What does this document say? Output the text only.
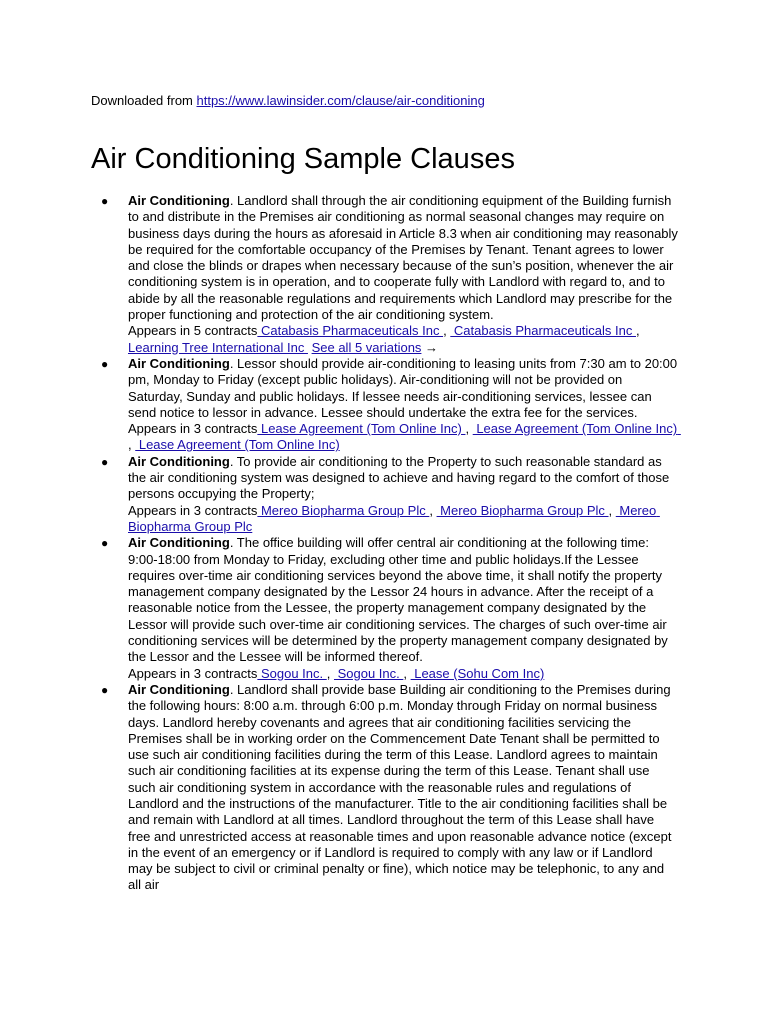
Downloaded from https://www.lawinsider.com/clause/air-conditioning
Air Conditioning Sample Clauses
● Air Conditioning. Landlord shall through the air conditioning equipment of the Building furnish to and distribute in the Premises air conditioning as normal seasonal changes may require on business days during the hours as aforesaid in Article 8.3 when air conditioning may reasonably be required for the comfortable occupancy of the Premises by Tenant. Tenant agrees to lower and close the blinds or drapes when necessary because of the sun’s position, whenever the air conditioning system is in operation, and to cooperate fully with Landlord with regard to, and to abide by all the reasonable regulations and requirements which Landlord may prescribe for the proper functioning and protection of the air conditioning system.
Appears in 5 contracts Catabasis Pharmaceuticals Inc ,  Catabasis Pharmaceuticals Inc , Learning Tree International Inc  See all 5 variations →
● Air Conditioning. Lessor should provide air-conditioning to leasing units from 7:30 am to 20:00 pm, Monday to Friday (except public holidays). Air-conditioning will not be provided on Saturday, Sunday and public holidays. If lessee needs air-conditioning services, lessee can send notice to lessor in advance. Lessee should undertake the extra fee for the services.
Appears in 3 contracts Lease Agreement (Tom Online Inc) ,  Lease Agreement (Tom Online Inc) ,  Lease Agreement (Tom Online Inc)
● Air Conditioning. To provide air conditioning to the Property to such reasonable standard as the air conditioning system was designed to achieve and having regard to the comfort of those persons occupying the Property;
Appears in 3 contracts Mereo Biopharma Group Plc ,  Mereo Biopharma Group Plc ,  Mereo Biopharma Group Plc
● Air Conditioning. The office building will offer central air conditioning at the following time: 9:00-18:00 from Monday to Friday, excluding other time and public holidays.If the Lessee requires over-time air conditioning services beyond the above time, it shall notify the property management company designated by the Lessor 24 hours in advance. After the receipt of a reasonable notice from the Lessee, the property management company designated by the Lessor will provide such over-time air conditioning services. The charges of such over-time air conditioning services will be determined by the property management company designated by the Lessor and the Lessee will be informed thereof.
Appears in 3 contracts Sogou Inc. ,  Sogou Inc. ,  Lease (Sohu Com Inc)
● Air Conditioning. Landlord shall provide base Building air conditioning to the Premises during the following hours: 8:00 a.m. through 6:00 p.m. Monday through Friday on normal business days. Landlord hereby covenants and agrees that air conditioning facilities servicing the Premises shall be in working order on the Commencement Date Tenant shall be permitted to use such air conditioning facilities during the term of this Lease. Landlord agrees to maintain such air conditioning facilities at its expense during the term of this Lease. Tenant shall use such air conditioning system in accordance with the reasonable rules and regulations of Landlord and the instructions of the manufacturer. Title to the air conditioning facilities shall be and remain with Landlord at all times. Landlord throughout the term of this Lease shall have free and unrestricted access at reasonable times and upon reasonable advance notice (except in the event of an emergency or if Landlord is required to comply with any law or if Landlord may be subject to civil or criminal penalty or fine), which notice may be telephonic, to any and all air
